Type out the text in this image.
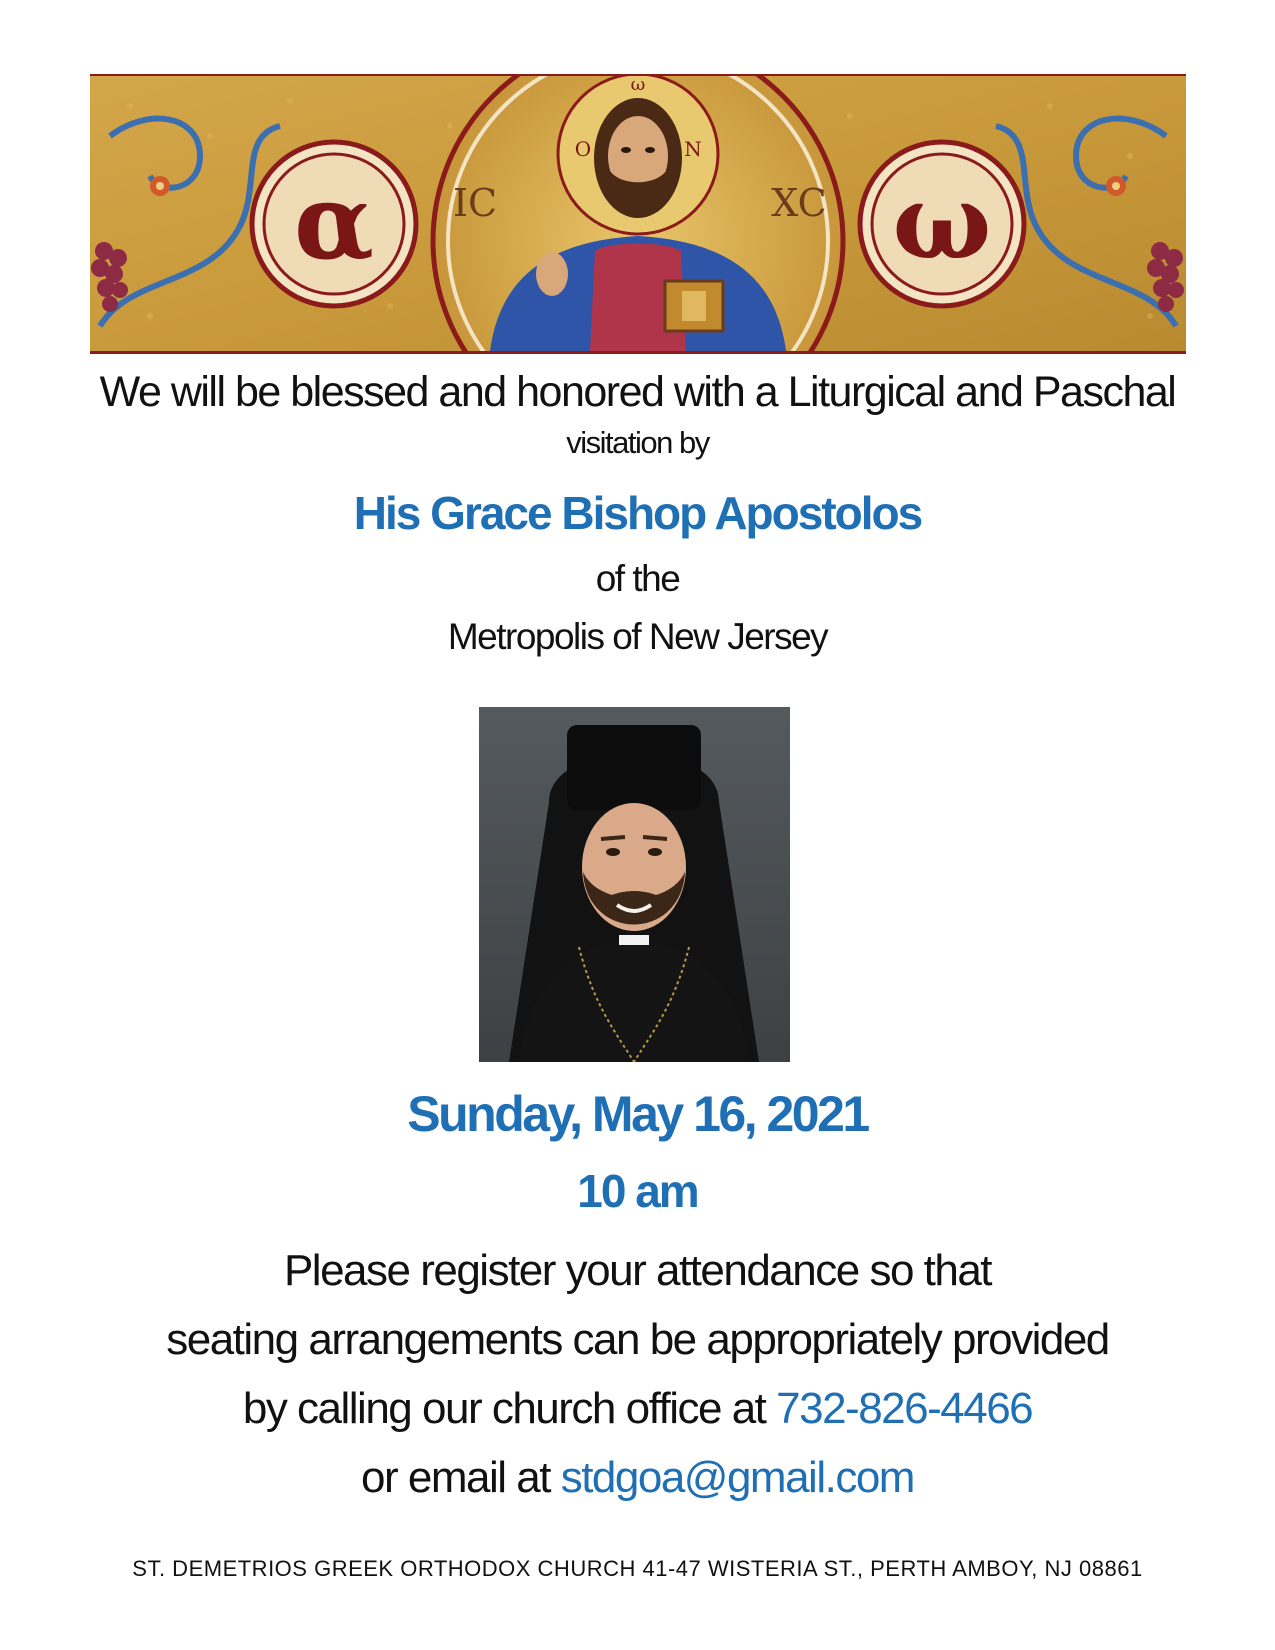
α	ω
O	N
ω
IC	XC
We will be blessed and honored with a Liturgical and Paschal
visitation by
His Grace Bishop Apostolos
of the
Metropolis of New Jersey
Sunday, May 16, 2021
10 am
Please register your attendance so that
seating arrangements can be appropriately provided
by calling our church office at 732-826-4466
or email at stdgoa@gmail.com
ST. DEMETRIOS GREEK ORTHODOX CHURCH 41-47 WISTERIA ST., PERTH AMBOY, NJ 08861
